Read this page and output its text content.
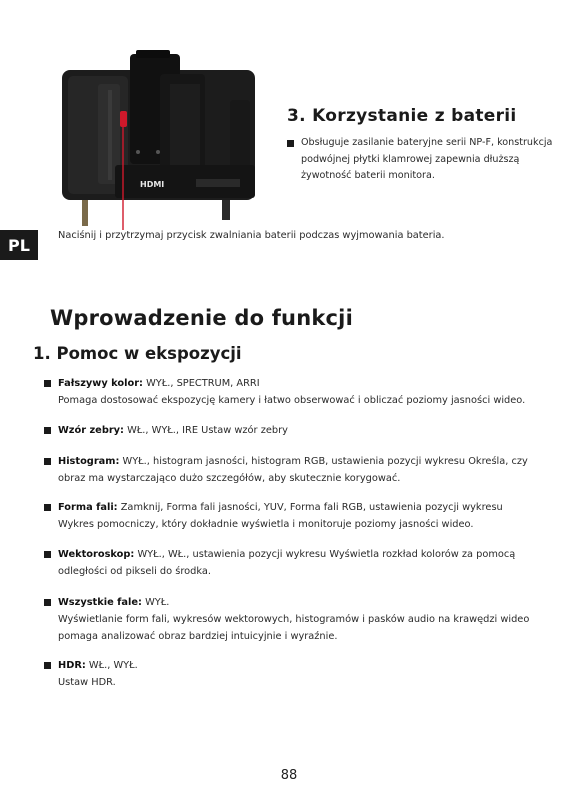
HDMI
3. Korzystanie z baterii
Obsługuje zasilanie bateryjne serii NP-F, konstrukcja podwójnej płytki klamrowej zapewnia dłuższą żywotność baterii monitora.
PL	Naciśnij i przytrzymaj przycisk zwalniania baterii podczas wyjmowania bateria.
Wprowadzenie do funkcji
1. Pomoc w ekspozycji
Fałszywy kolor: WYŁ., SPECTRUM, ARRI
Pomaga dostosować ekspozycję kamery i łatwo obserwować i obliczać poziomy jasności wideo.
Wzór zebry: WŁ., WYŁ., IRE Ustaw wzór zebry
Histogram: WYŁ., histogram jasności, histogram RGB, ustawienia pozycji wykresu Określa, czy obraz ma wystarczająco dużo szczegółów, aby skutecznie korygować.
Forma fali: Zamknij, Forma fali jasności, YUV, Forma fali RGB, ustawienia pozycji wykresu Wykres pomocniczy, który dokładnie wyświetla i monitoruje poziomy jasności wideo.
Wektoroskop: WYŁ., WŁ., ustawienia pozycji wykresu Wyświetla rozkład kolorów za pomocą odległości od pikseli do środka.
Wszystkie fale: WYŁ.
Wyświetlanie form fali, wykresów wektorowych, histogramów i pasków audio na krawędzi wideo pomaga analizować obraz bardziej intuicyjnie i wyraźnie.
HDR: WŁ., WYŁ.
Ustaw HDR.
88
